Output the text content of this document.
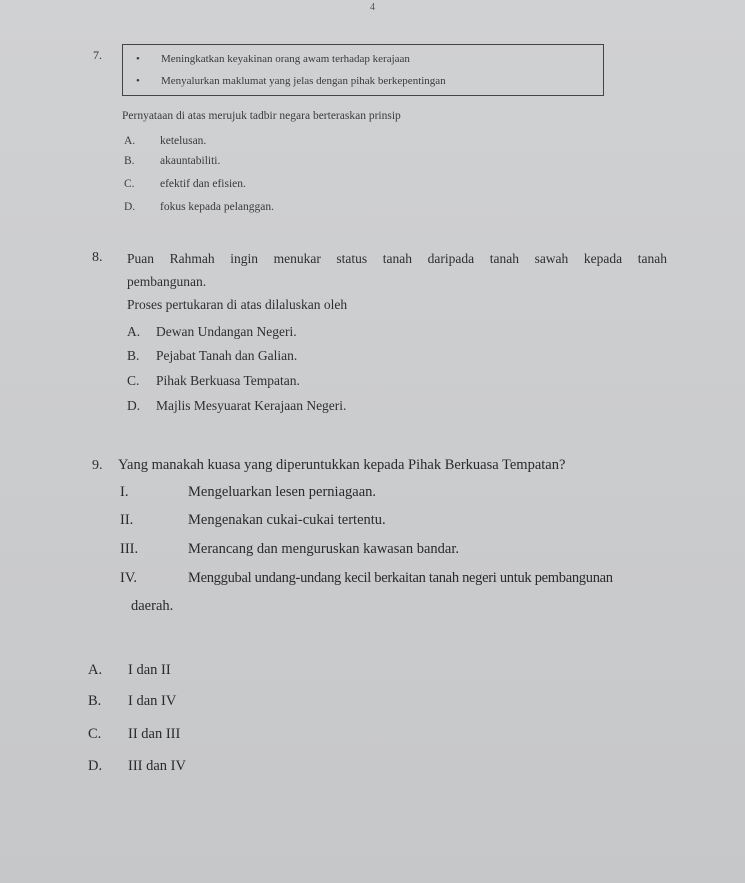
4
7.
•	Meningkatkan keyakinan orang awam terhadap kerajaan
• Menyalurkan maklumat yang jelas dengan pihak berkepentingan
Pernyataan di atas merujuk tadbir negara berteraskan prinsip
A. ketelusan.
B. akauntabiliti.
C. efektif dan efisien.
D. fokus kepada pelanggan.
8. Puan Rahmah ingin menukar status tanah daripada tanah sawah kepada tanah
pembangunan.
Proses pertukaran di atas dilaluskan oleh
A. Dewan Undangan Negeri.
B. Pejabat Tanah dan Galian.
C. Pihak Berkuasa Tempatan.
D. Majlis Mesyuarat Kerajaan Negeri.
9. Yang manakah kuasa yang diperuntukkan kepada Pihak Berkuasa Tempatan?
I.	Mengeluarkan lesen perniagaan.
II.	Mengenakan cukai-cukai tertentu.
III.	Merancang dan menguruskan kawasan bandar.
IV.	Menggubal undang-undang kecil berkaitan tanah negeri untuk pembangunan
daerah.
A. I dan II
B. I dan IV
C. II dan III
D. III dan IV
